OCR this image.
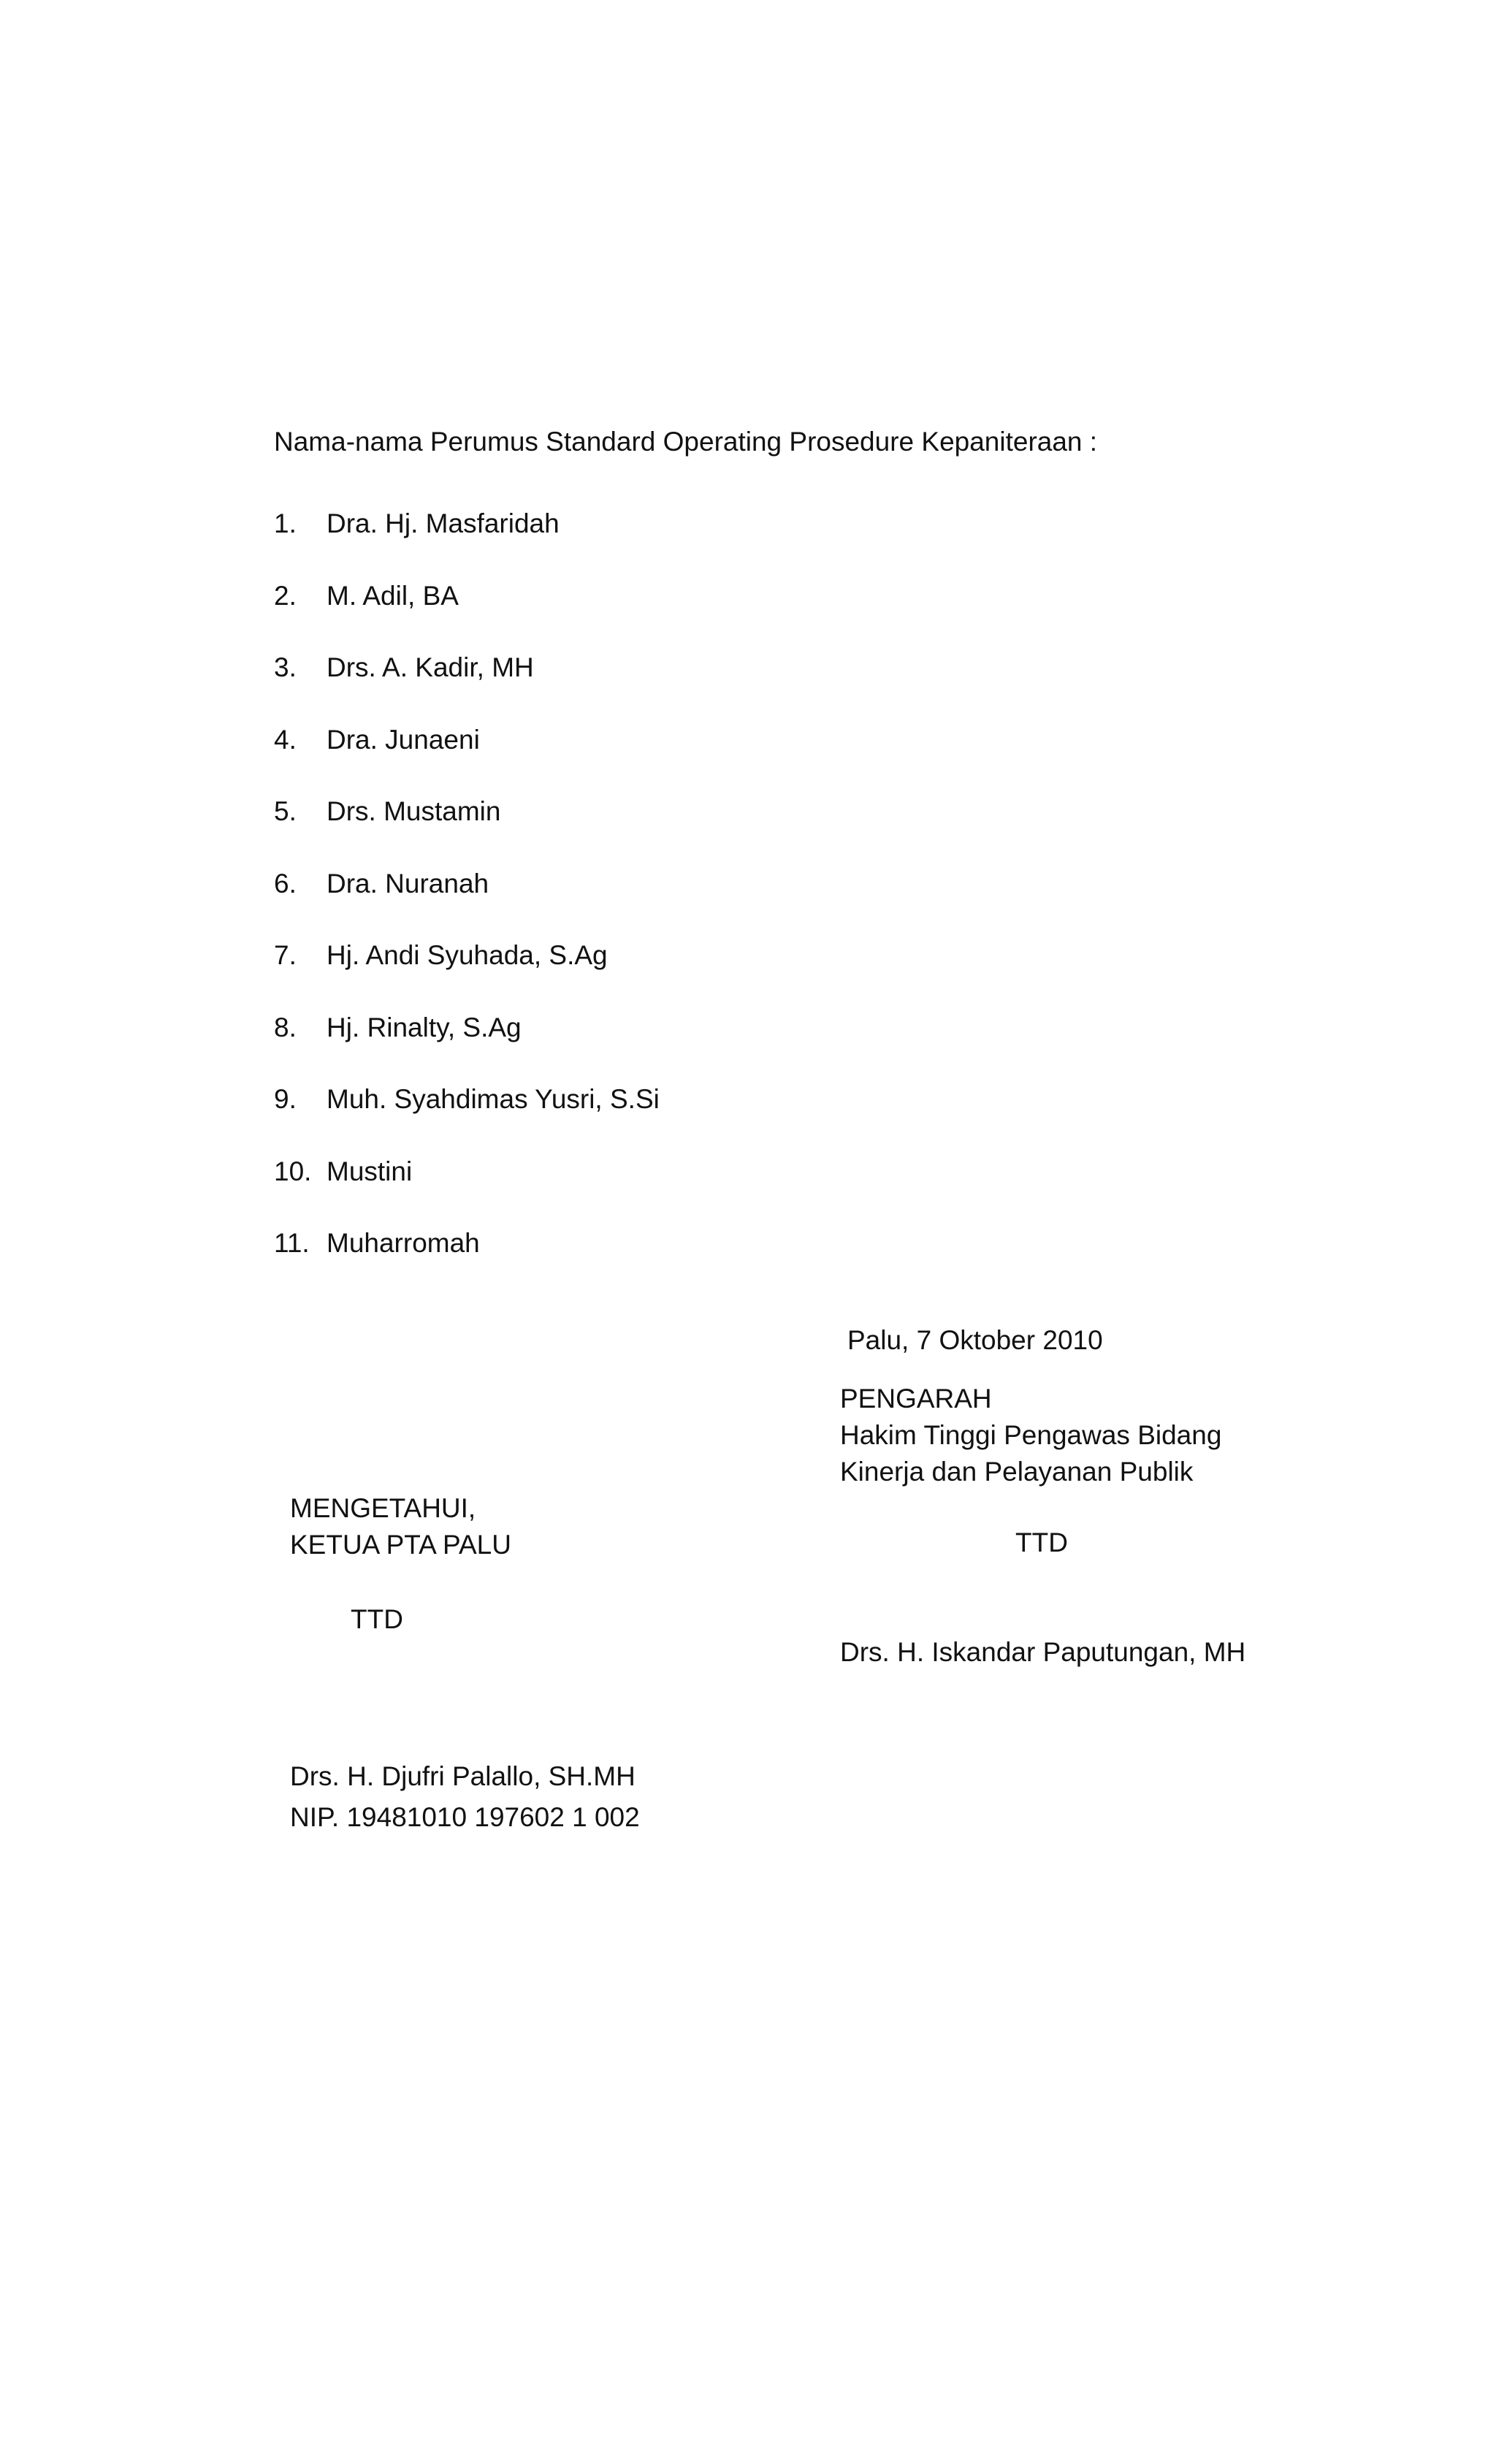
Nama-nama Perumus Standard Operating Prosedure Kepaniteraan :
1.	Dra. Hj. Masfaridah
2.	M. Adil, BA
3.	Drs. A. Kadir, MH
4.	Dra. Junaeni
5.	Drs. Mustamin
6.	Dra. Nuranah
7.	Hj. Andi Syuhada, S.Ag
8.	Hj. Rinalty, S.Ag
9.	Muh. Syahdimas Yusri, S.Si
10. Mustini
11. Muharromah
Palu, 7 Oktober 2010
PENGARAH
Hakim Tinggi Pengawas Bidang
Kinerja dan Pelayanan Publik
TTD
Drs. H. Iskandar Paputungan, MH
MENGETAHUI,
KETUA PTA PALU
TTD
Drs. H. Djufri Palallo, SH.MH
NIP. 19481010 197602 1 002
